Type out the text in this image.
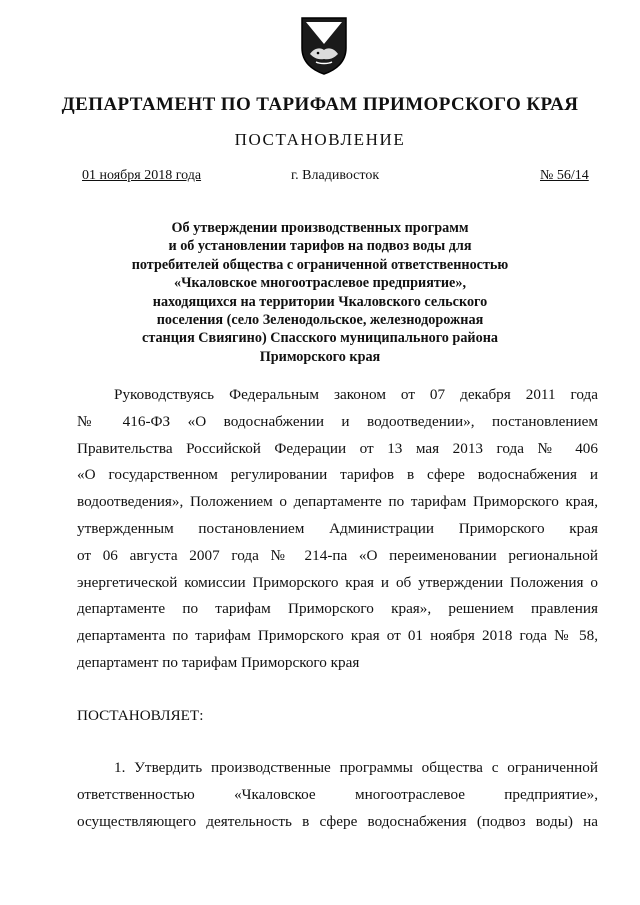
ДЕПАРТАМЕНТ ПО ТАРИФАМ ПРИМОРСКОГО КРАЯ
ПОСТАНОВЛЕНИЕ
01 ноября 2018 года	г. Владивосток	№ 56/14
Об утверждении производственных программ
и об установлении тарифов на подвоз воды для
потребителей общества с ограниченной ответственностью
«Чкаловское многоотраслевое предприятие»,
находящихся на территории Чкаловского сельского
поселения (село Зеленодольское, железнодорожная
станция Свиягино) Спасского муниципального района
Приморского края
Руководствуясь Федеральным законом от 07 декабря 2011 года
№ 416-ФЗ «О водоснабжении и водоотведении», постановлением
Правительства Российской Федерации от 13 мая 2013 года № 406
«О государственном регулировании тарифов в сфере водоснабжения и
водоотведения», Положением о департаменте по тарифам Приморского края,
утвержденным постановлением Администрации Приморского края
от 06 августа 2007 года № 214-па «О переименовании региональной
энергетической комиссии Приморского края и об утверждении Положения о
департаменте по тарифам Приморского края», решением правления
департамента по тарифам Приморского края от 01 ноября 2018 года № 58,
департамент по тарифам Приморского края
ПОСТАНОВЛЯЕТ:
1. Утвердить производственные программы общества с ограниченной
ответственностью «Чкаловское многоотраслевое предприятие»,
осуществляющего деятельность в сфере водоснабжения (подвоз воды) на
